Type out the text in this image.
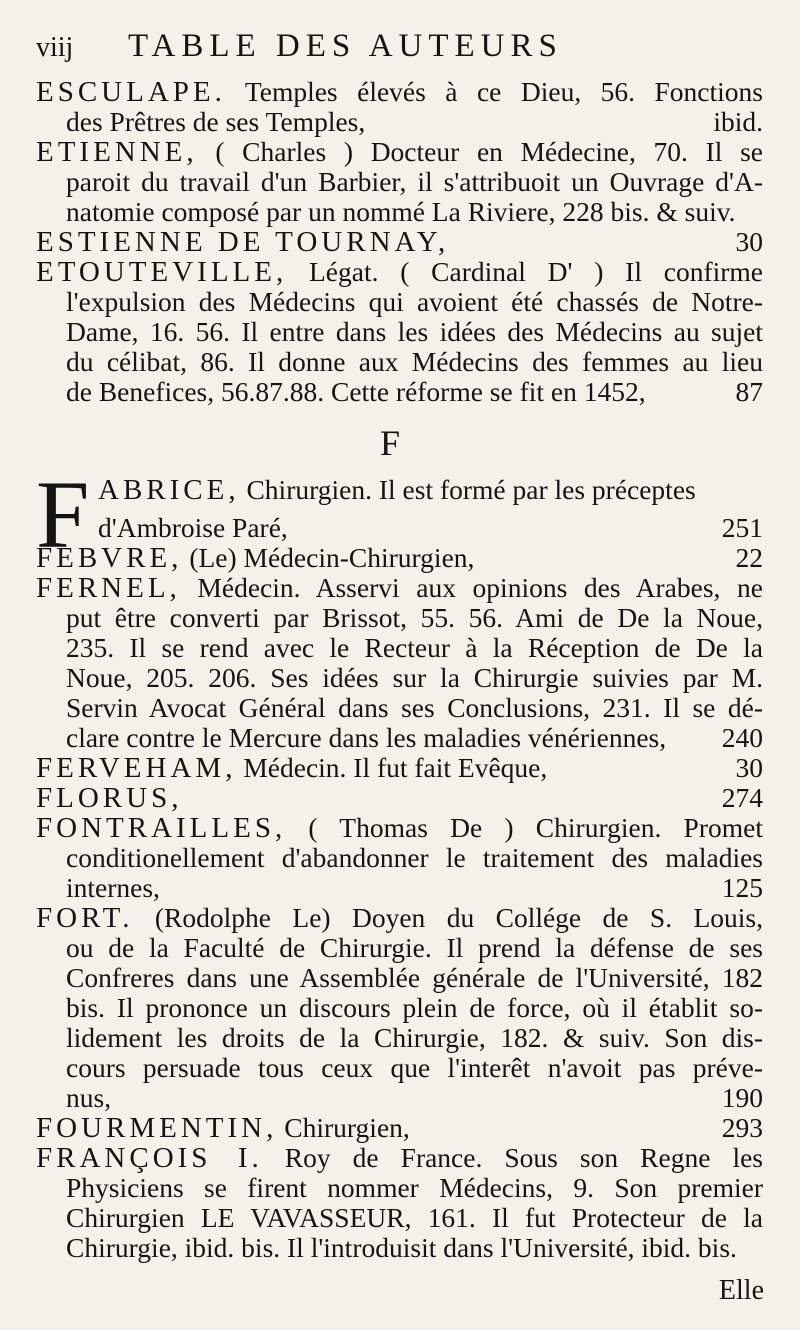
viij TABLE DES AUTEURS
ESCULAPE. Temples élevés à ce Dieu, 56. Fonctions
des Prêtres de ses Temples,	ibid.
ETIENNE, ( Charles ) Docteur en Médecine, 70. Il se
paroit du travail d'un Barbier, il s'attribuoit un Ouvrage d'A-
natomie composé par un nommé La Riviere, 228 bis. & suiv.
ESTIENNE DE TOURNAY,	30
ETOUTEVILLE, Légat. ( Cardinal D' ) Il confirme
l'expulsion des Médecins qui avoient été chassés de Notre-
Dame, 16. 56. Il entre dans les idées des Médecins au sujet
du célibat, 86. Il donne aux Médecins des femmes au lieu
de Benefices, 56.87.88. Cette réforme se fit en 1452,	87
F
F ABRICE, Chirurgien. Il est formé par les préceptes
d'Ambroise Paré,	251
FEBVRE, (Le) Médecin-Chirurgien,	22
FERNEL, Médecin. Asservi aux opinions des Arabes, ne
put être converti par Brissot, 55. 56. Ami de De la Noue,
235. Il se rend avec le Recteur à la Réception de De la
Noue, 205. 206. Ses idées sur la Chirurgie suivies par M.
Servin Avocat Général dans ses Conclusions, 231. Il se dé-
clare contre le Mercure dans les maladies vénériennes, 240
FERVEHAM, Médecin. Il fut fait Evêque,	30
FLORUS,	274
FONTRAILLES, ( Thomas De ) Chirurgien. Promet
conditionellement d'abandonner le traitement des maladies
internes,	125
FORT. (Rodolphe Le) Doyen du Collége de S. Louis,
ou de la Faculté de Chirurgie. Il prend la défense de ses
Confreres dans une Assemblée générale de l'Université, 182
bis. Il prononce un discours plein de force, où il établit so-
lidement les droits de la Chirurgie, 182. & suiv. Son dis-
cours persuade tous ceux que l'interêt n'avoit pas préve-
nus,	190
FOURMENTIN, Chirurgien,	293
FRANÇOIS I. Roy de France. Sous son Regne les
Physiciens se firent nommer Médecins, 9. Son premier
Chirurgien LE VAVASSEUR, 161. Il fut Protecteur de la
Chirurgie, ibid. bis. Il l'introduisit dans l'Université, ibid. bis.
Elle
